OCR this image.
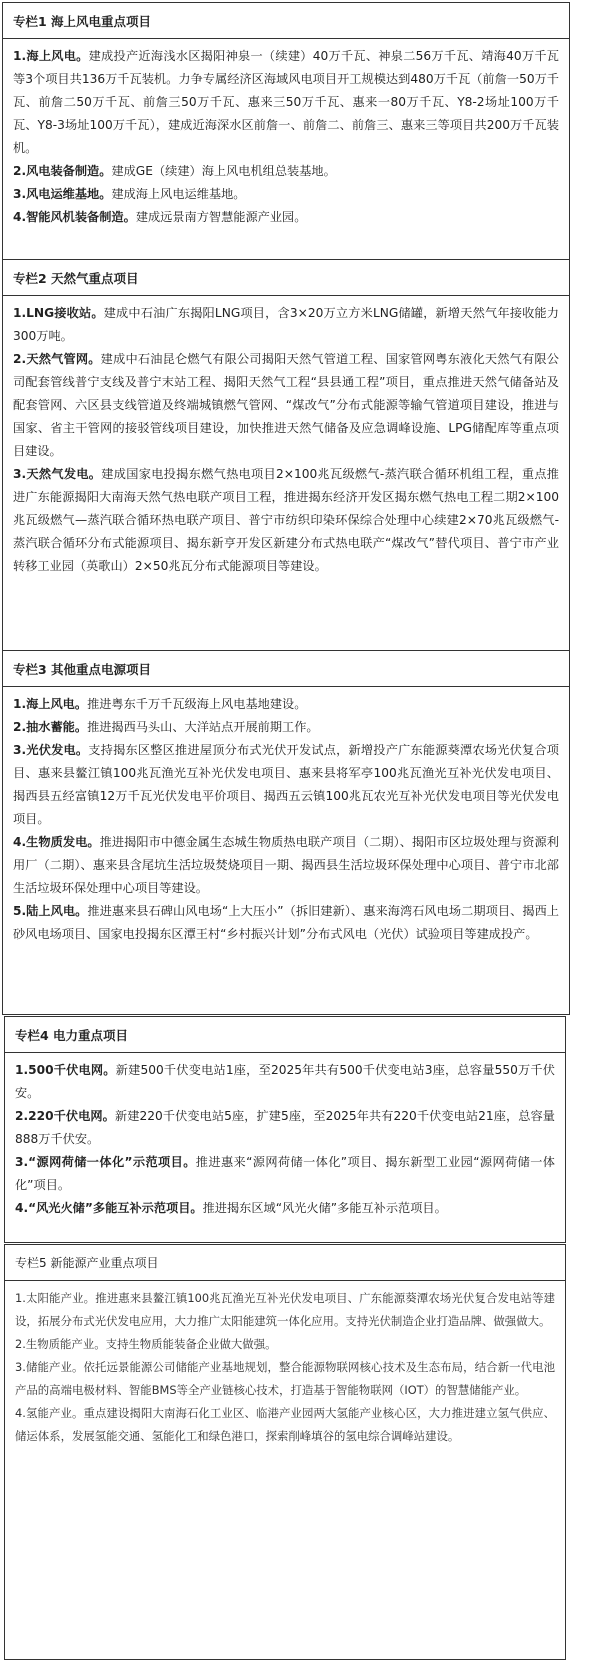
专栏1 海上风电重点项目

1.海上风电。建成投产近海浅水区揭阳神泉一（续建）40万千瓦、神泉二56万千瓦、靖海40万千瓦等3个项目共136万千瓦装机。力争专属经济区海域风电项目开工规模达到480万千瓦（前詹一50万千瓦、前詹二50万千瓦、前詹三50万千瓦、惠来三50万千瓦、惠来一80万千瓦、Y8-2场址100万千瓦、Y8-3场址100万千瓦），建成近海深水区前詹一、前詹二、前詹三、惠来三等项目共200万千瓦装机。

2.风电装备制造。建成GE（续建）海上风电机组总装基地。

3.风电运维基地。建成海上风电运维基地。

4.智能风机装备制造。建成远景南方智慧能源产业园。

专栏2 天然气重点项目

1.LNG接收站。建成中石油广东揭阳LNG项目，含3×20万立方米LNG储罐，新增天然气年接收能力300万吨。

2.天然气管网。建成中石油昆仑燃气有限公司揭阳天然气管道工程、国家管网粤东液化天然气有限公司配套管线普宁支线及普宁末站工程、揭阳天然气工程“县县通工程”项目，重点推进天然气储备站及配套管网、六区县支线管道及终端城镇燃气管网、“煤改气”分布式能源等输气管道项目建设，推进与国家、省主干管网的接驳管线项目建设，加快推进天然气储备及应急调峰设施、LPG储配库等重点项目建设。

3.天然气发电。建成国家电投揭东燃气热电项目2×100兆瓦级燃气-蒸汽联合循环机组工程，重点推进广东能源揭阳大南海天然气热电联产项目工程，推进揭东经济开发区揭东燃气热电工程二期2×100兆瓦级燃气—蒸汽联合循环热电联产项目、普宁市纺织印染环保综合处理中心续建2×70兆瓦级燃气-蒸汽联合循环分布式能源项目、揭东新亨开发区新建分布式热电联产“煤改气”替代项目、普宁市产业转移工业园（英歌山）2×50兆瓦分布式能源项目等建设。

专栏3 其他重点电源项目

1.海上风电。推进粤东千万千瓦级海上风电基地建设。

2.抽水蓄能。推进揭西马头山、大洋站点开展前期工作。

3.光伏发电。支持揭东区整区推进屋顶分布式光伏开发试点，新增投产广东能源葵潭农场光伏复合项目、惠来县鳌江镇100兆瓦渔光互补光伏发电项目、惠来县将军亭100兆瓦渔光互补光伏发电项目、揭西县五经富镇12万千瓦光伏发电平价项目、揭西五云镇100兆瓦农光互补光伏发电项目等光伏发电项目。

4.生物质发电。推进揭阳市中德金属生态城生物质热电联产项目（二期）、揭阳市区垃圾处理与资源利用厂（二期）、惠来县含尾坑生活垃圾焚烧项目一期、揭西县生活垃圾环保处理中心项目、普宁市北部生活垃圾环保处理中心项目等建设。

5.陆上风电。推进惠来县石碑山风电场“上大压小”（拆旧建新）、惠来海湾石风电场二期项目、揭西上砂风电场项目、国家电投揭东区潭王村“乡村振兴计划”分布式风电（光伏）试验项目等建成投产。

专栏4 电力重点项目

1.500千伏电网。新建500千伏变电站1座，至2025年共有500千伏变电站3座，总容量550万千伏安。

2.220千伏电网。新建220千伏变电站5座，扩建5座，至2025年共有220千伏变电站21座，总容量888万千伏安。

3.“源网荷储一体化”示范项目。推进惠来“源网荷储一体化”项目、揭东新型工业园“源网荷储一体化”项目。

4.“风光火储”多能互补示范项目。推进揭东区域“风光火储”多能互补示范项目。

专栏5 新能源产业重点项目

1.太阳能产业。推进惠来县鳌江镇100兆瓦渔光互补光伏发电项目、广东能源葵潭农场光伏复合发电站等建设，拓展分布式光伏发电应用，大力推广太阳能建筑一体化应用。支持光伏制造企业打造品牌、做强做大。

2.生物质能产业。支持生物质能装备企业做大做强。

3.储能产业。依托远景能源公司储能产业基地规划，整合能源物联网核心技术及生态布局，结合新一代电池产品的高端电极材料、智能BMS等全产业链核心技术，打造基于智能物联网（IOT）的智慧储能产业。

4.氢能产业。重点建设揭阳大南海石化工业区、临港产业园两大氢能产业核心区，大力推进建立氢气供应、储运体系，发展氢能交通、氢能化工和绿色港口，探索削峰填谷的氢电综合调峰站建设。
